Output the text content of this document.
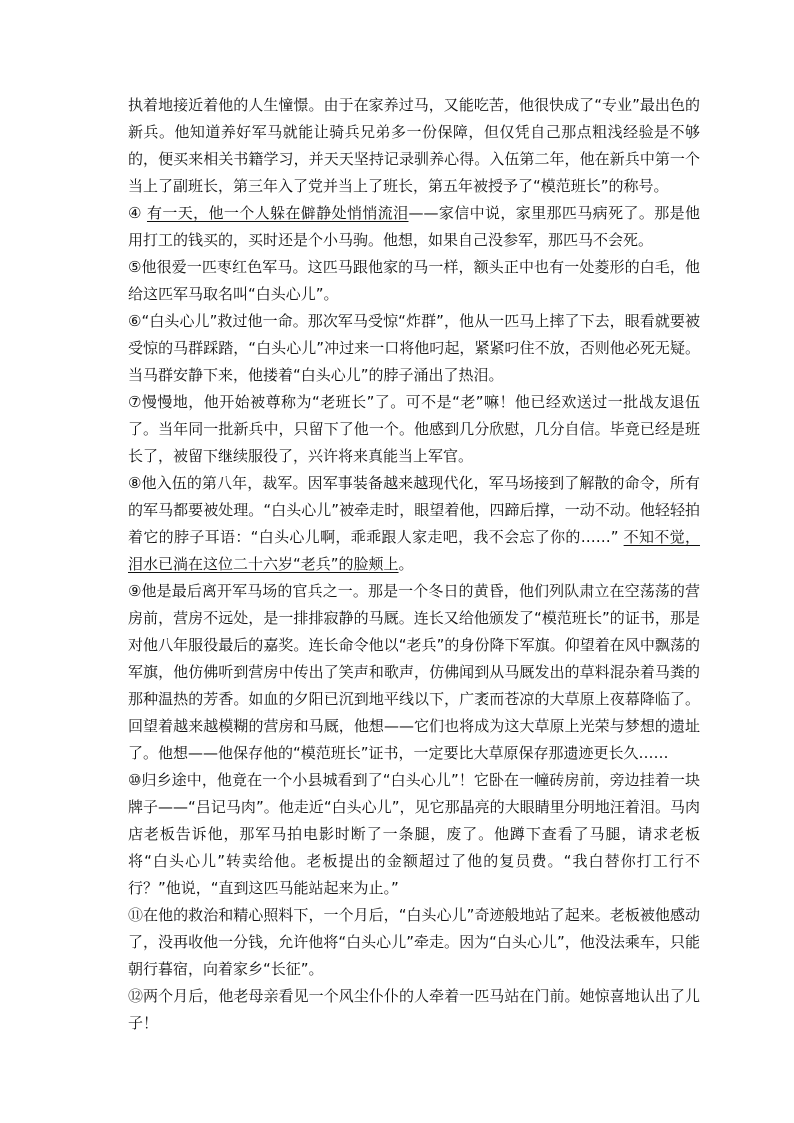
执着地接近着他的人生憧憬。由于在家养过马，又能吃苦，他很快成了“专业”最出色的新兵。他知道养好军马就能让骑兵兄弟多一份保障，但仅凭自己那点粗浅经验是不够的，便买来相关书籍学习，并天天坚持记录驯养心得。入伍第二年，他在新兵中第一个当上了副班长，第三年入了党并当上了班长，第五年被授予了“模范班长”的称号。

④ 有一天，他一个人躲在僻静处悄悄流泪——家信中说，家里那匹马病死了。那是他用打工的钱买的，买时还是个小马驹。他想，如果自己没参军，那匹马不会死。

⑤他很爱一匹枣红色军马。这匹马跟他家的马一样，额头正中也有一处菱形的白毛，他给这匹军马取名叫“白头心儿”。

⑥“白头心儿”救过他一命。那次军马受惊“炸群”，他从一匹马上摔了下去，眼看就要被受惊的马群踩踏，“白头心儿”冲过来一口将他叼起，紧紧叼住不放，否则他必死无疑。当马群安静下来，他搂着“白头心儿”的脖子涌出了热泪。

⑦慢慢地，他开始被尊称为“老班长”了。可不是“老”嘛！他已经欢送过一批战友退伍了。当年同一批新兵中，只留下了他一个。他感到几分欣慰，几分自信。毕竟已经是班长了，被留下继续服役了，兴许将来真能当上军官。

⑧他入伍的第八年，裁军。因军事装备越来越现代化，军马场接到了解散的命令，所有的军马都要被处理。“白头心儿”被牵走时，眼望着他，四蹄后撑，一动不动。他轻轻拍着它的脖子耳语：“白头心儿啊，乖乖跟人家走吧，我不会忘了你的……” 不知不觉，泪水已淌在这位二十六岁“老兵”的脸颊上。

⑨他是最后离开军马场的官兵之一。那是一个冬日的黄昏，他们列队肃立在空荡荡的营房前，营房不远处，是一排排寂静的马厩。连长又给他颁发了“模范班长”的证书，那是对他八年服役最后的嘉奖。连长命令他以“老兵”的身份降下军旗。仰望着在风中飘荡的军旗，他仿佛听到营房中传出了笑声和歌声，仿佛闻到从马厩发出的草料混杂着马粪的那种温热的芳香。如血的夕阳已沉到地平线以下，广袤而苍凉的大草原上夜幕降临了。回望着越来越模糊的营房和马厩，他想——它们也将成为这大草原上光荣与梦想的遗址了。他想——他保存他的“模范班长”证书，一定要比大草原保存那遗迹更长久……

⑩归乡途中，他竟在一个小县城看到了“白头心儿”！它卧在一幢砖房前，旁边挂着一块牌子——“吕记马肉”。他走近“白头心儿”，见它那晶亮的大眼睛里分明地汪着泪。马肉店老板告诉他，那军马拍电影时断了一条腿，废了。他蹲下查看了马腿，请求老板将“白头心儿”转卖给他。老板提出的金额超过了他的复员费。“我白替你打工行不行？”他说，“直到这匹马能站起来为止。”

⑪在他的救治和精心照料下，一个月后，“白头心儿”奇迹般地站了起来。老板被他感动了，没再收他一分钱，允许他将“白头心儿”牵走。因为“白头心儿”，他没法乘车，只能朝行暮宿，向着家乡“长征”。

⑫两个月后，他老母亲看见一个风尘仆仆的人牵着一匹马站在门前。她惊喜地认出了儿子！
